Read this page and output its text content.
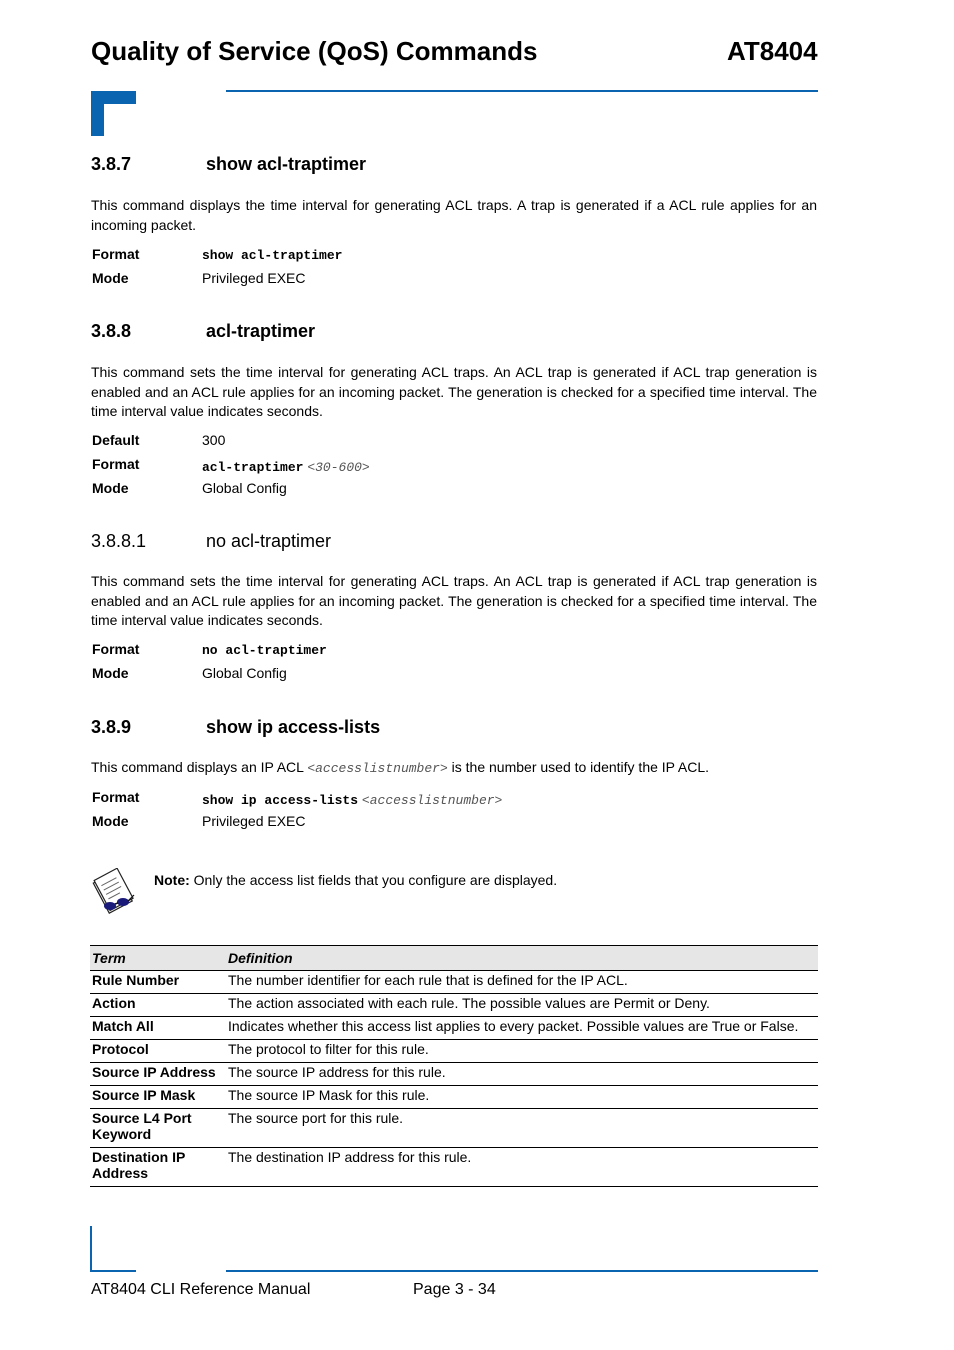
Quality of Service (QoS) Commands	AT8404
3.8.7	show acl-traptimer
This command displays the time interval for generating ACL traps. A trap is generated if a ACL rule applies for an incoming packet.
Format	show acl-traptimer
Mode	Privileged EXEC
3.8.8	acl-traptimer
This command sets the time interval for generating ACL traps. An ACL trap is generated if ACL trap generation is enabled and an ACL rule applies for an incoming packet. The generation is checked for a specified time interval. The time interval value indicates seconds.
Default	300
Format	acl-traptimer <30-600>
Mode	Global Config
3.8.8.1	no acl-traptimer
This command sets the time interval for generating ACL traps. An ACL trap is generated if ACL trap generation is enabled and an ACL rule applies for an incoming packet. The generation is checked for a specified time interval. The time interval value indicates seconds.
Format	no acl-traptimer
Mode	Global Config
3.8.9	show ip access-lists
This command displays an IP ACL <accesslistnumber> is the number used to identify the IP ACL.
Format	show ip access-lists <accesslistnumber>
Mode	Privileged EXEC
Note: Only the access list fields that you configure are displayed.
Term	Definition
Rule Number	The number identifier for each rule that is defined for the IP ACL.
Action	The action associated with each rule. The possible values are Permit or Deny.
Match All	Indicates whether this access list applies to every packet. Possible values are True or False.
Protocol	The protocol to filter for this rule.
Source IP Address	The source IP address for this rule.
Source IP Mask	The source IP Mask for this rule.
Source L4 Port Keyword	The source port for this rule.
Destination IP Address	The destination IP address for this rule.
AT8404 CLI Reference Manual	Page 3 - 34
